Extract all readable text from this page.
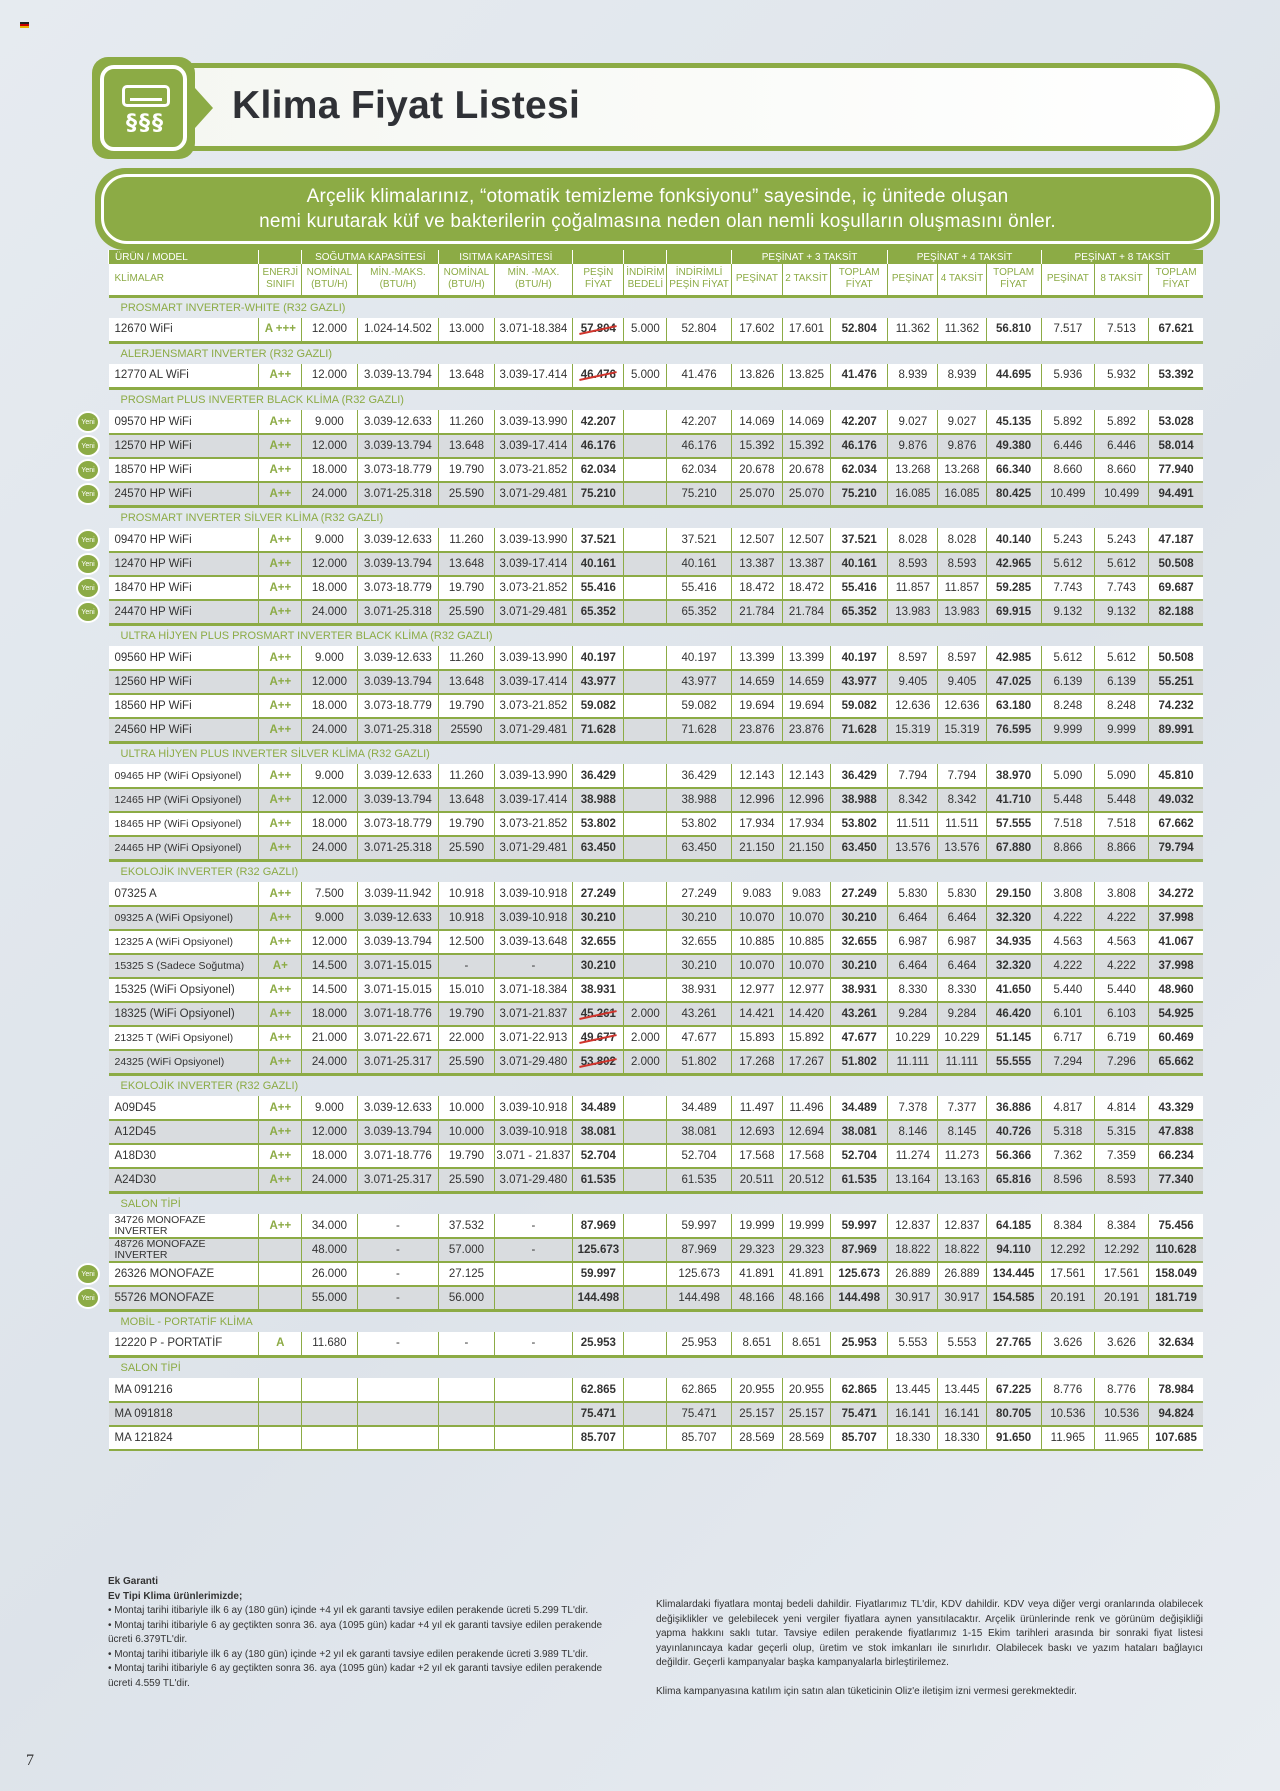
§§§ Klima Fiyat Listesi
Arçelik klimalarınız, “otomatik temizleme fonksiyonu” sayesinde, iç ünitede oluşan
nemi kurutarak küf ve bakterilerin çoğalmasına neden olan nemli koşulların oluşmasını önler.
ÜRÜN / MODEL		SOĞUTMA KAPASİTESİ		ISITMA KAPASİTESİ					PEŞİNAT + 3 TAKSİT			PEŞİNAT + 4 TAKSİT			PEŞİNAT + 8 TAKSİT		
KLİMALAR	ENERJİ SINIFI	NOMİNAL (BTU/H)	MİN.-MAKS. (BTU/H)	NOMİNAL (BTU/H)	MİN. -MAX. (BTU/H)	PEŞİN FİYAT	İNDİRİM BEDELİ	İNDİRİMLİ PEŞİN FİYAT	PEŞİNAT	2 TAKSİT	TOPLAM FİYAT	PEŞİNAT	4 TAKSİT	TOPLAM FİYAT	PEŞİNAT	8 TAKSİT	TOPLAM FİYAT
PROSMART INVERTER-WHITE (R32 GAZLI)																	
12670 WiFi	A +++	12.000	1.024-14.502	13.000	3.071-18.384	57.804	5.000	52.804	17.602	17.601	52.804	11.362	11.362	56.810	7.517	7.513	67.621
ALERJENSMART INVERTER (R32 GAZLI)																	
12770 AL WiFi	A++	12.000	3.039-13.794	13.648	3.039-17.414	46.476	5.000	41.476	13.826	13.825	41.476	8.939	8.939	44.695	5.936	5.932	53.392
PROSMart PLUS INVERTER BLACK KLİMA (R32 GAZLI)																	
09570 HP WiFi	A++	9.000	3.039-12.633	11.260	3.039-13.990	42.207		42.207	14.069	14.069	42.207	9.027	9.027	45.135	5.892	5.892	53.028
12570 HP WiFi	A++	12.000	3.039-13.794	13.648	3.039-17.414	46.176		46.176	15.392	15.392	46.176	9.876	9.876	49.380	6.446	6.446	58.014
18570 HP WiFi	A++	18.000	3.073-18.779	19.790	3.073-21.852	62.034		62.034	20.678	20.678	62.034	13.268	13.268	66.340	8.660	8.660	77.940
24570 HP WiFi	A++	24.000	3.071-25.318	25.590	3.071-29.481	75.210		75.210	25.070	25.070	75.210	16.085	16.085	80.425	10.499	10.499	94.491
PROSMART INVERTER SİLVER KLİMA (R32 GAZLI)																	
09470 HP WiFi	A++	9.000	3.039-12.633	11.260	3.039-13.990	37.521		37.521	12.507	12.507	37.521	8.028	8.028	40.140	5.243	5.243	47.187
12470 HP WiFi	A++	12.000	3.039-13.794	13.648	3.039-17.414	40.161		40.161	13.387	13.387	40.161	8.593	8.593	42.965	5.612	5.612	50.508
18470 HP WiFi	A++	18.000	3.073-18.779	19.790	3.073-21.852	55.416		55.416	18.472	18.472	55.416	11.857	11.857	59.285	7.743	7.743	69.687
24470 HP WiFi	A++	24.000	3.071-25.318	25.590	3.071-29.481	65.352		65.352	21.784	21.784	65.352	13.983	13.983	69.915	9.132	9.132	82.188
ULTRA HİJYEN PLUS PROSMART INVERTER BLACK KLİMA (R32 GAZLI)																	
09560 HP WiFi	A++	9.000	3.039-12.633	11.260	3.039-13.990	40.197		40.197	13.399	13.399	40.197	8.597	8.597	42.985	5.612	5.612	50.508
12560 HP WiFi	A++	12.000	3.039-13.794	13.648	3.039-17.414	43.977		43.977	14.659	14.659	43.977	9.405	9.405	47.025	6.139	6.139	55.251
18560 HP WiFi	A++	18.000	3.073-18.779	19.790	3.073-21.852	59.082		59.082	19.694	19.694	59.082	12.636	12.636	63.180	8.248	8.248	74.232
24560 HP WiFi	A++	24.000	3.071-25.318	25590	3.071-29.481	71.628		71.628	23.876	23.876	71.628	15.319	15.319	76.595	9.999	9.999	89.991
ULTRA HİJYEN PLUS INVERTER SİLVER KLİMA (R32 GAZLI)																	
09465 HP (WiFi Opsiyonel)	A++	9.000	3.039-12.633	11.260	3.039-13.990	36.429		36.429	12.143	12.143	36.429	7.794	7.794	38.970	5.090	5.090	45.810
12465 HP (WiFi Opsiyonel)	A++	12.000	3.039-13.794	13.648	3.039-17.414	38.988		38.988	12.996	12.996	38.988	8.342	8.342	41.710	5.448	5.448	49.032
18465 HP (WiFi Opsiyonel)	A++	18.000	3.073-18.779	19.790	3.073-21.852	53.802		53.802	17.934	17.934	53.802	11.511	11.511	57.555	7.518	7.518	67.662
24465 HP (WiFi Opsiyonel)	A++	24.000	3.071-25.318	25.590	3.071-29.481	63.450		63.450	21.150	21.150	63.450	13.576	13.576	67.880	8.866	8.866	79.794
EKOLOJİK INVERTER (R32 GAZLI)																	
07325 A	A++	7.500	3.039-11.942	10.918	3.039-10.918	27.249		27.249	9.083	9.083	27.249	5.830	5.830	29.150	3.808	3.808	34.272
09325 A (WiFi Opsiyonel)	A++	9.000	3.039-12.633	10.918	3.039-10.918	30.210		30.210	10.070	10.070	30.210	6.464	6.464	32.320	4.222	4.222	37.998
12325 A (WiFi Opsiyonel)	A++	12.000	3.039-13.794	12.500	3.039-13.648	32.655		32.655	10.885	10.885	32.655	6.987	6.987	34.935	4.563	4.563	41.067
15325 S (Sadece Soğutma)	A+	14.500	3.071-15.015	-	-	30.210		30.210	10.070	10.070	30.210	6.464	6.464	32.320	4.222	4.222	37.998
15325 (WiFi Opsiyonel)	A++	14.500	3.071-15.015	15.010	3.071-18.384	38.931		38.931	12.977	12.977	38.931	8.330	8.330	41.650	5.440	5.440	48.960
18325 (WiFi Opsiyonel)	A++	18.000	3.071-18.776	19.790	3.071-21.837	45.261	2.000	43.261	14.421	14.420	43.261	9.284	9.284	46.420	6.101	6.103	54.925
21325 T (WiFi Opsiyonel)	A++	21.000	3.071-22.671	22.000	3.071-22.913	49.677	2.000	47.677	15.893	15.892	47.677	10.229	10.229	51.145	6.717	6.719	60.469
24325 (WiFi Opsiyonel)	A++	24.000	3.071-25.317	25.590	3.071-29.480	53.802	2.000	51.802	17.268	17.267	51.802	11.111	11.111	55.555	7.294	7.296	65.662
EKOLOJİK INVERTER (R32 GAZLI)																	
A09D45	A++	9.000	3.039-12.633	10.000	3.039-10.918	34.489		34.489	11.497	11.496	34.489	7.378	7.377	36.886	4.817	4.814	43.329
A12D45	A++	12.000	3.039-13.794	10.000	3.039-10.918	38.081		38.081	12.693	12.694	38.081	8.146	8.145	40.726	5.318	5.315	47.838
A18D30	A++	18.000	3.071-18.776	19.790	3.071 - 21.837	52.704		52.704	17.568	17.568	52.704	11.274	11.273	56.366	7.362	7.359	66.234
A24D30	A++	24.000	3.071-25.317	25.590	3.071-29.480	61.535		61.535	20.511	20.512	61.535	13.164	13.163	65.816	8.596	8.593	77.340
SALON TİPİ																	
34726 MONOFAZE INVERTER	A++	34.000	-	37.532	-	87.969		59.997	19.999	19.999	59.997	12.837	12.837	64.185	8.384	8.384	75.456
48726 MONOFAZE INVERTER		48.000	-	57.000	-	125.673		87.969	29.323	29.323	87.969	18.822	18.822	94.110	12.292	12.292	110.628
26326 MONOFAZE		26.000	-	27.125		59.997		125.673	41.891	41.891	125.673	26.889	26.889	134.445	17.561	17.561	158.049
55726 MONOFAZE		55.000	-	56.000		144.498		144.498	48.166	48.166	144.498	30.917	30.917	154.585	20.191	20.191	181.719
MOBİL - PORTATİF KLİMA																	
12220 P - PORTATİF	A	11.680	-	-	-	25.953		25.953	8.651	8.651	25.953	5.553	5.553	27.765	3.626	3.626	32.634
SALON TİPİ																	
MA 091216						62.865		62.865	20.955	20.955	62.865	13.445	13.445	67.225	8.776	8.776	78.984
MA 091818						75.471		75.471	25.157	25.157	75.471	16.141	16.141	80.705	10.536	10.536	94.824
MA 121824						85.707		85.707	28.569	28.569	85.707	18.330	18.330	91.650	11.965	11.965	107.685
Yeni
Yeni
Yeni
Yeni
Yeni
Yeni
Yeni
Yeni
Yeni
Yeni
Ek Garanti
Ev Tipi Klima ürünlerimizde;
• Montaj tarihi itibariyle ilk 6 ay (180 gün) içinde +4 yıl ek garanti tavsiye edilen perakende ücreti 5.299 TL'dir.
• Montaj tarihi itibariyle 6 ay geçtikten sonra 36. aya (1095 gün) kadar +4 yıl ek garanti tavsiye edilen perakende ücreti 6.379TL'dir.
• Montaj tarihi itibariyle ilk 6 ay (180 gün) içinde +2 yıl ek garanti tavsiye edilen perakende ücreti 3.989 TL'dir.
• Montaj tarihi itibariyle 6 ay geçtikten sonra 36. aya (1095 gün) kadar +2 yıl ek garanti tavsiye edilen perakende ücreti 4.559 TL'dir.
Klimalardaki fiyatlara montaj bedeli dahildir. Fiyatlarımız TL'dir, KDV dahildir. KDV veya diğer vergi oranlarında olabilecek değişiklikler ve gelebilecek yeni vergiler fiyatlara aynen yansıtılacaktır. Arçelik ürünlerinde renk ve görünüm değişikliği yapma hakkını saklı tutar. Tavsiye edilen perakende fiyatlarımız 1-15 Ekim tarihleri arasında bir sonraki fiyat listesi yayınlanıncaya kadar geçerli olup, üretim ve stok imkanları ile sınırlıdır. Olabilecek baskı ve yazım hataları bağlayıcı değildir. Geçerli kampanyalar başka kampanyalarla birleştirilemez.
Klima kampanyasına katılım için satın alan tüketicinin Oliz'e iletişim izni vermesi gerekmektedir.
7
